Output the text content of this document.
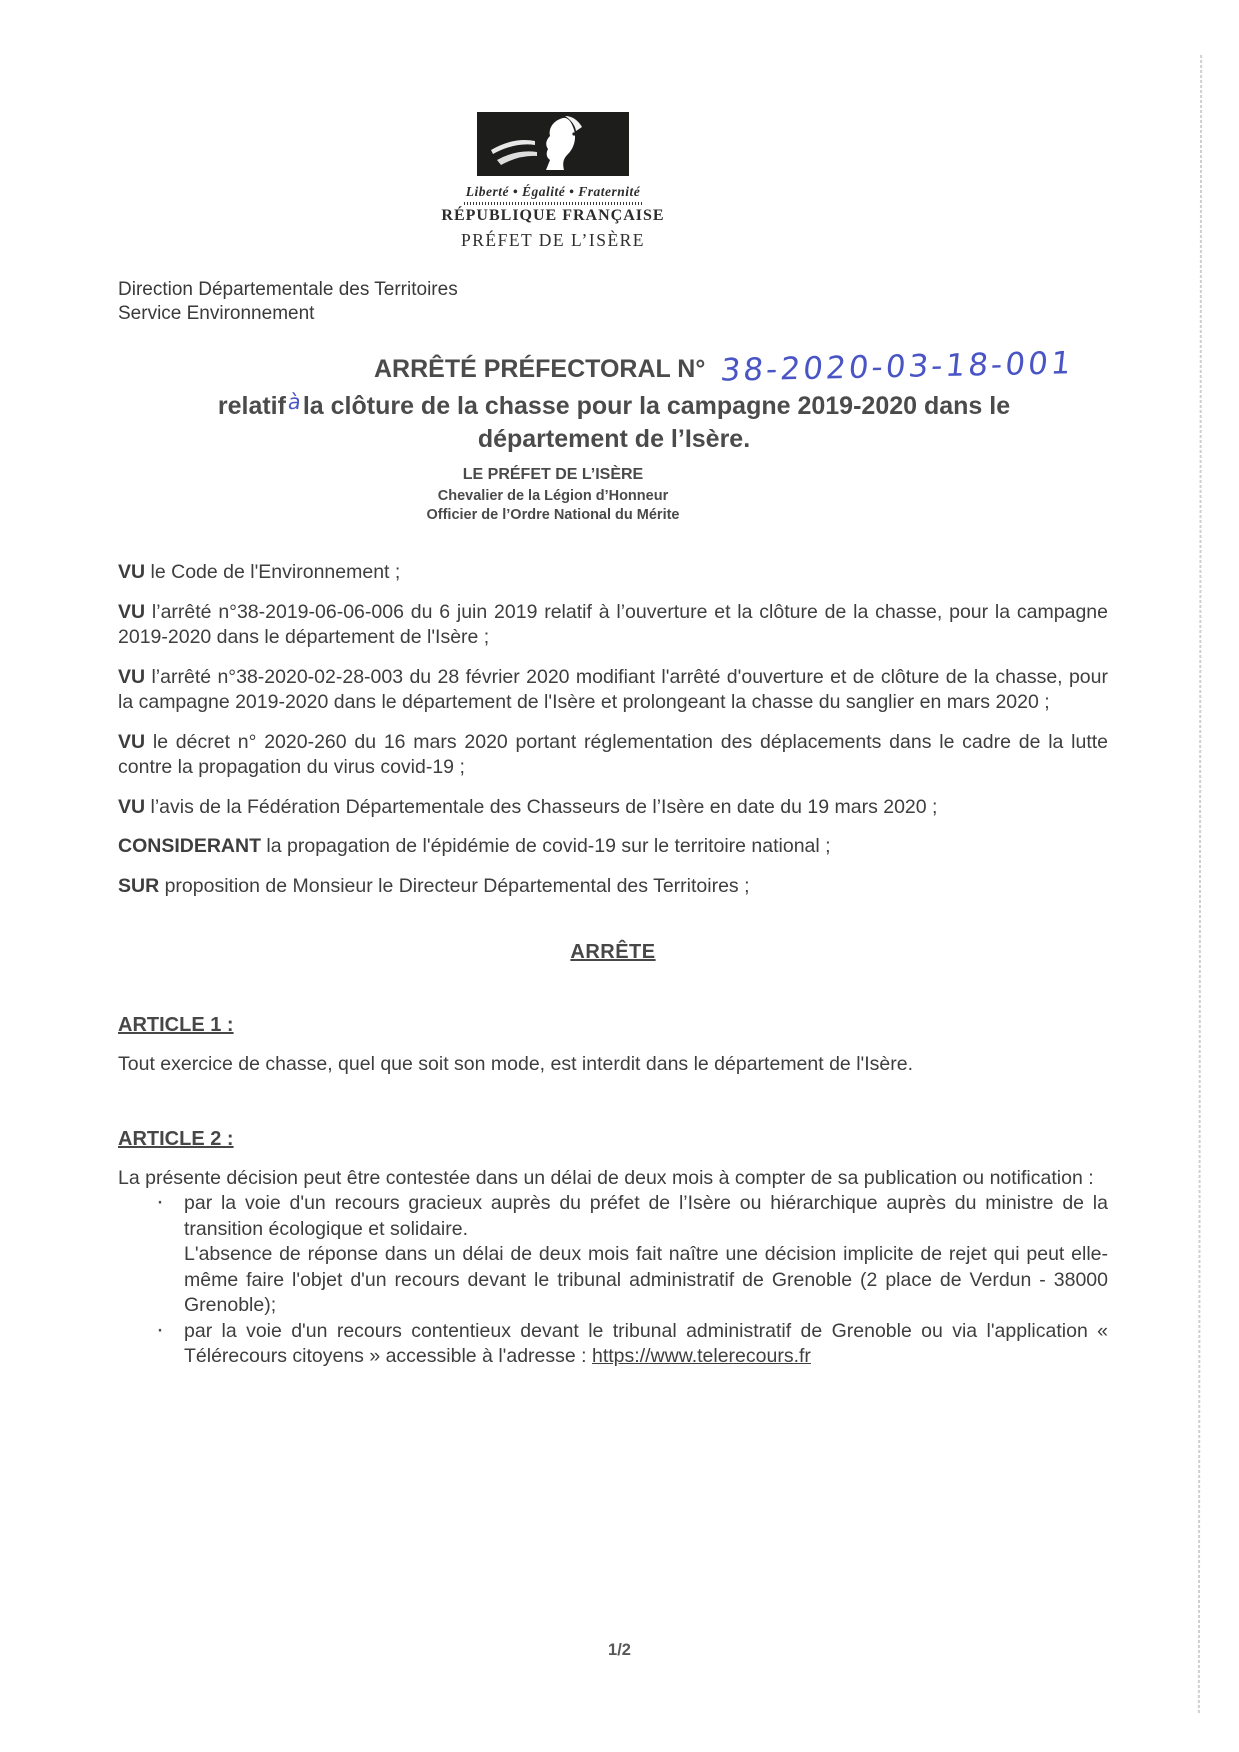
Liberté • Égalité • Fraternité
RÉPUBLIQUE FRANÇAISE
PRÉFET DE L’ISÈRE
Direction Départementale des Territoires
Service Environnement
ARRÊTÉ PRÉFECTORAL N° 38-2020-03-18-001
relatifàla clôture de la chasse pour la campagne 2019-2020 dans le
département de l’Isère.
LE PRÉFET DE L’ISÈRE
Chevalier de la Légion d’Honneur
Officier de l’Ordre National du Mérite

VU le Code de l'Environnement ;

VU l’arrêté n°38-2019-06-06-006 du 6 juin 2019 relatif à l’ouverture et la clôture de la chasse, pour la campagne 2019-2020 dans le département de l'Isère ;

VU l’arrêté n°38-2020-02-28-003 du 28 février 2020 modifiant l'arrêté d'ouverture et de clôture de la chasse, pour la campagne 2019-2020 dans le département de l'Isère et prolongeant la chasse du sanglier en mars 2020 ;

VU le décret n° 2020-260 du 16 mars 2020 portant réglementation des déplacements dans le cadre de la lutte contre la propagation du virus covid-19 ;

VU l’avis de la Fédération Départementale des Chasseurs de l’Isère en date du 19 mars 2020 ;

CONSIDERANT la propagation de l'épidémie de covid-19 sur le territoire national ;

SUR proposition de Monsieur le Directeur Départemental des Territoires ;

ARRÊTE
ARTICLE 1 :
Tout exercice de chasse, quel que soit son mode, est interdit dans le département de l'Isère.
ARTICLE 2 :
La présente décision peut être contestée dans un délai de deux mois à compter de sa publication ou notification :
· par la voie d'un recours gracieux auprès du préfet de l’Isère ou hiérarchique auprès du ministre de la transition écologique et solidaire.
L'absence de réponse dans un délai de deux mois fait naître une décision implicite de rejet qui peut elle-même faire l'objet d'un recours devant le tribunal administratif de Grenoble (2 place de Verdun - 38000 Grenoble);
· par la voie d'un recours contentieux devant le tribunal administratif de Grenoble ou via l'application « Télérecours citoyens » accessible à l'adresse : https://www.telerecours.fr
1/2
